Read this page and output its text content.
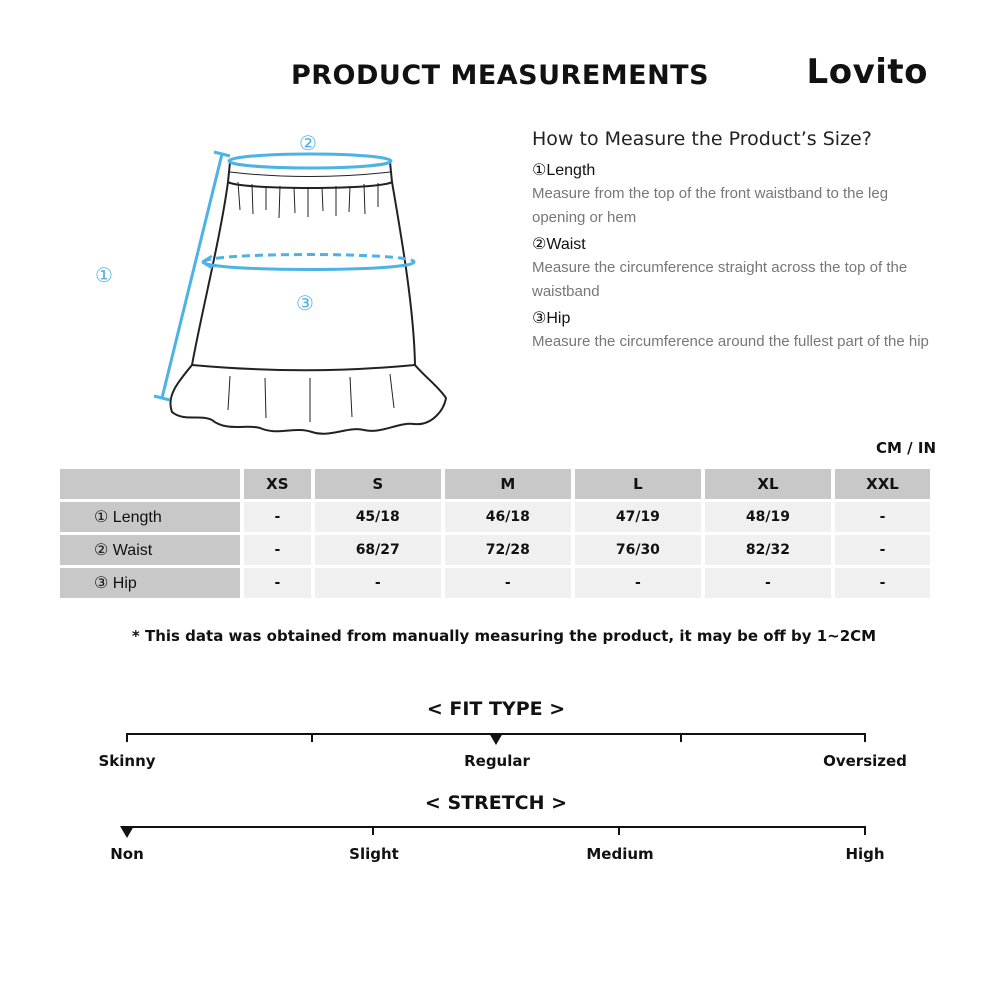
PRODUCT MEASUREMENTS	Lovito
②
①
③
How to Measure the Product’s Size?

①Length

Measure from the top of the front waistband to the leg opening or hem

②Waist

Measure the circumference straight across the top of the waistband

③Hip

Measure the circumference around the fullest part of the hip

CM / IN
	XS	S	M	L	XL	XXL
① Length	-	45/18	46/18	47/19	48/19	-
② Waist	-	68/27	72/28	76/30	82/32	-
③ Hip	-	-	-	-	-	-
* This data was obtained from manually measuring the product, it may be off by 1~2CM
< FIT TYPE >
Skinny	Regular	Oversized
< STRETCH >
Non	Slight	Medium	High
